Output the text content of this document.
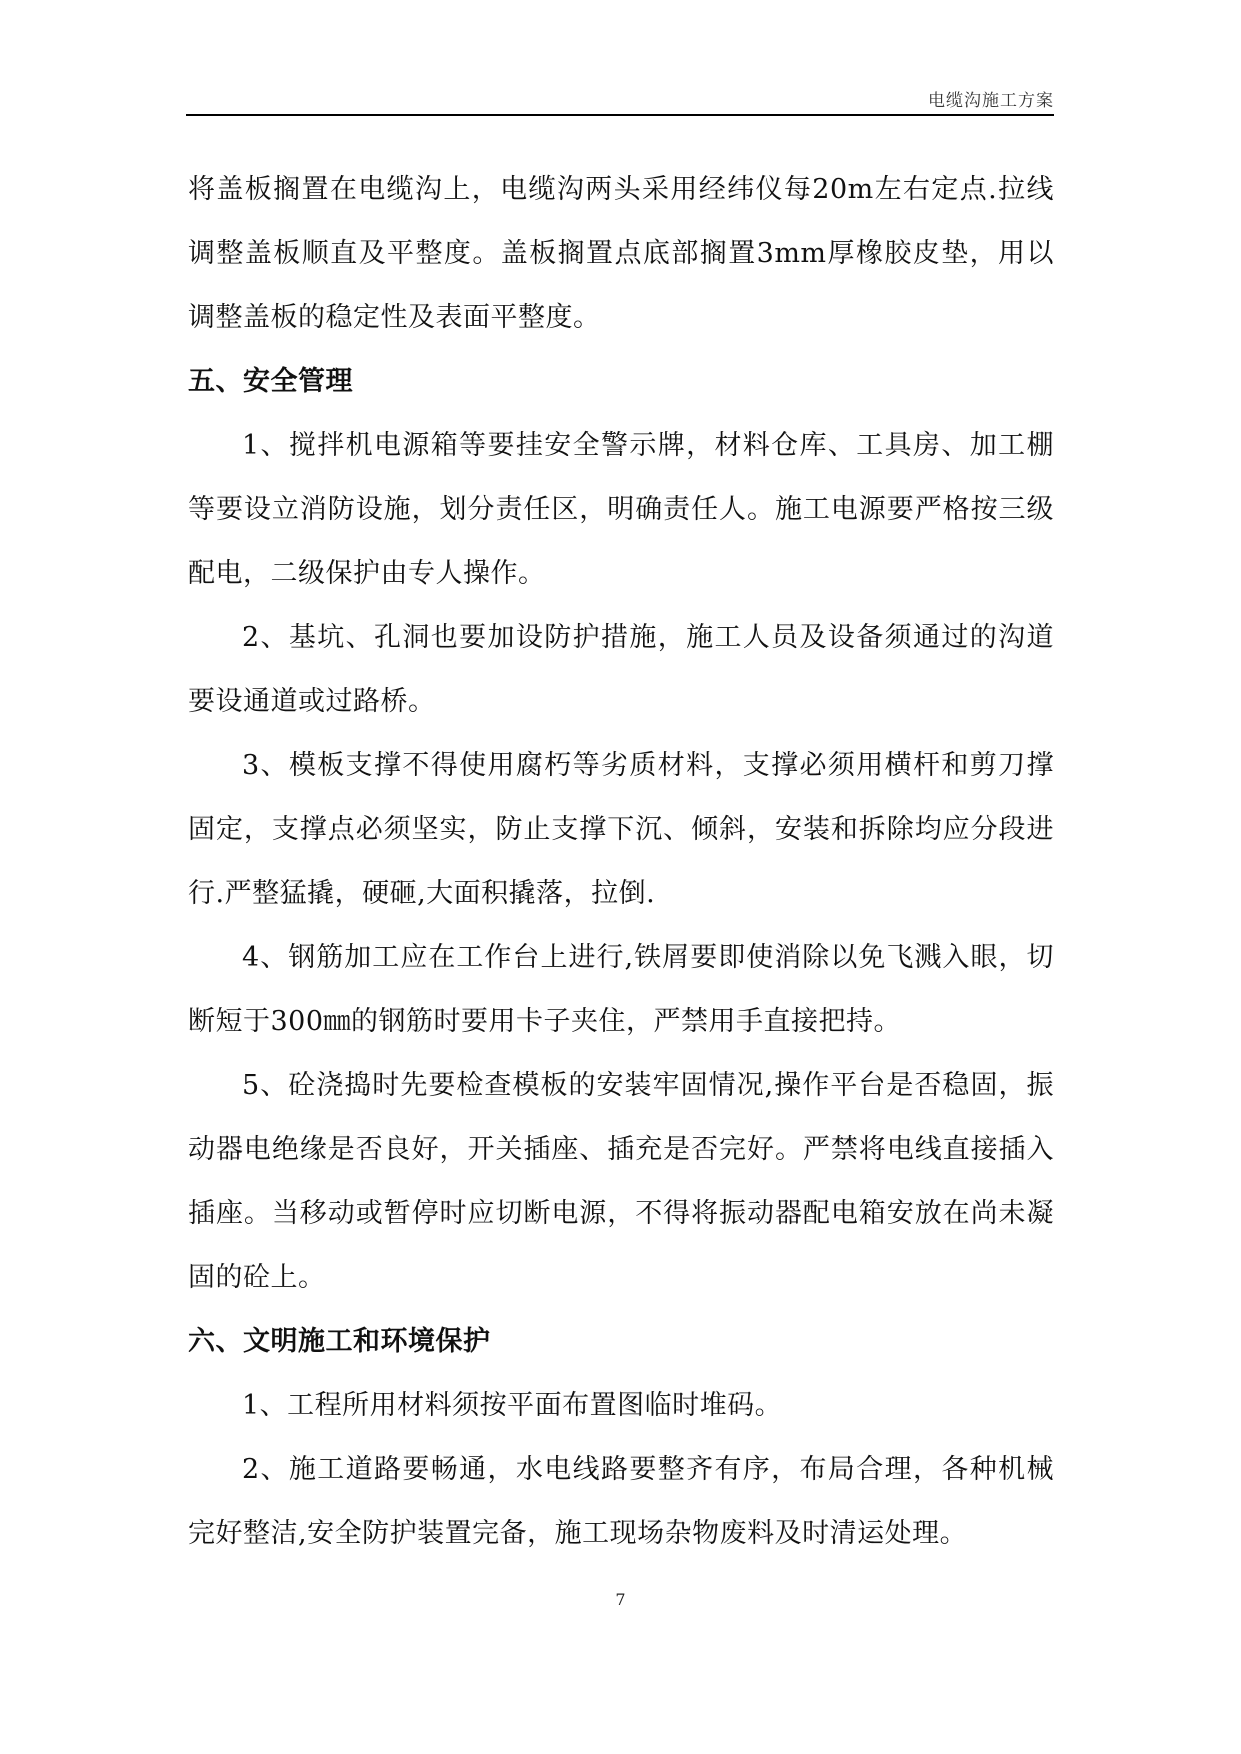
电缆沟施工方案

将盖板搁置在电缆沟上，电缆沟两头采用经纬仪每20m左右定点.拉线调整盖板顺直及平整度。盖板搁置点底部搁置3mm厚橡胶皮垫，用以调整盖板的稳定性及表面平整度。

五、安全管理

1、搅拌机电源箱等要挂安全警示牌，材料仓库、工具房、加工棚等要设立消防设施，划分责任区，明确责任人。施工电源要严格按三级配电，二级保护由专人操作。

2、基坑、孔洞也要加设防护措施，施工人员及设备须通过的沟道要设通道或过路桥。

3、模板支撑不得使用腐朽等劣质材料，支撑必须用横杆和剪刀撑固定，支撑点必须坚实，防止支撑下沉、倾斜，安装和拆除均应分段进行.严整猛撬，硬砸,大面积撬落，拉倒.

4、钢筋加工应在工作台上进行,铁屑要即使消除以免飞溅入眼，切断短于300㎜的钢筋时要用卡子夹住，严禁用手直接把持。

5、砼浇捣时先要检查模板的安装牢固情况,操作平台是否稳固，振动器电绝缘是否良好，开关插座、插充是否完好。严禁将电线直接插入插座。当移动或暂停时应切断电源，不得将振动器配电箱安放在尚未凝固的砼上。

六、文明施工和环境保护

1、工程所用材料须按平面布置图临时堆码。

2、施工道路要畅通，水电线路要整齐有序，布局合理，各种机械完好整洁,安全防护装置完备，施工现场杂物废料及时清运处理。

7
